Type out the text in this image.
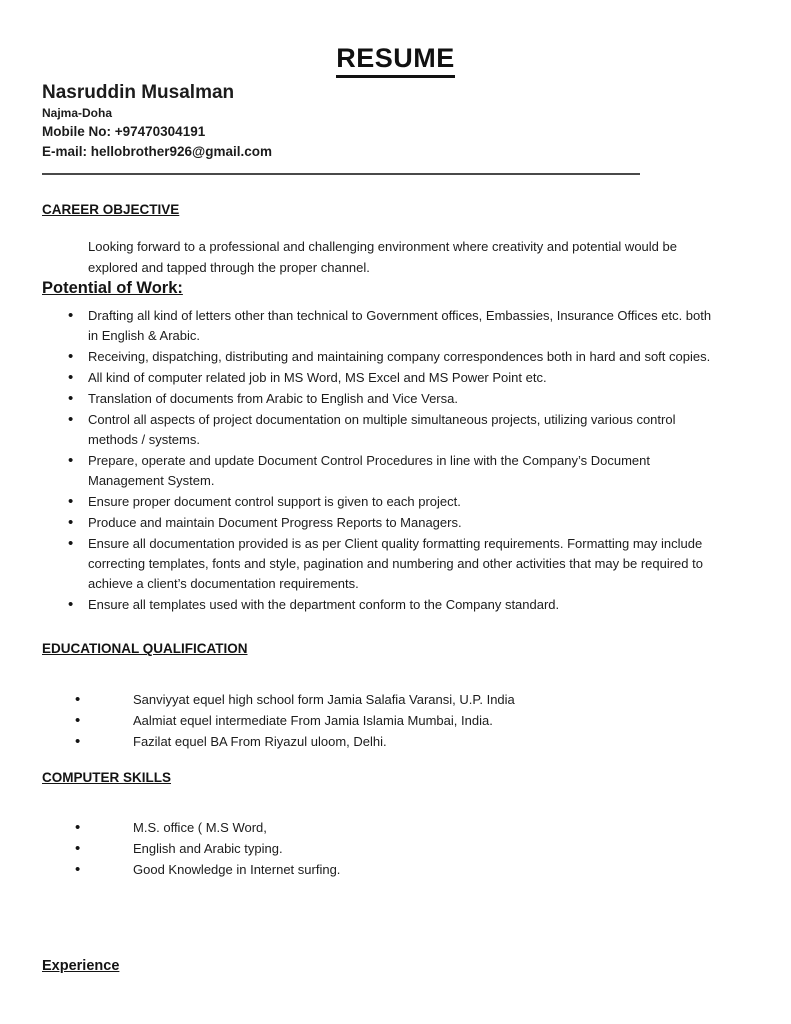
RESUME
Nasruddin Musalman
Najma-Doha
Mobile No: +97470304191
E-mail: hellobrother926@gmail.com
CAREER OBJECTIVE

Looking forward to a professional and challenging environment where creativity and potential would be explored and tapped through the proper channel.

Potential of Work:
• Drafting all kind of letters other than technical to Government offices, Embassies, Insurance Offices etc. both in English & Arabic.
• Receiving, dispatching, distributing and maintaining company correspondences both in hard and soft copies.
• All kind of computer related job in MS Word, MS Excel and MS Power Point etc.
• Translation of documents from Arabic to English and Vice Versa.
• Control all aspects of project documentation on multiple simultaneous projects, utilizing various control methods / systems.
• Prepare, operate and update Document Control Procedures in line with the Company’s Document Management System.
• Ensure proper document control support is given to each project.
• Produce and maintain Document Progress Reports to Managers.
• Ensure all documentation provided is as per Client quality formatting requirements. Formatting may include correcting templates, fonts and style, pagination and numbering and other activities that may be required to achieve a client’s documentation requirements.
• Ensure all templates used with the department conform to the Company standard.
EDUCATIONAL QUALIFICATION
• Sanviyyat equel high school form Jamia Salafia Varansi, U.P. India
• Aalmiat equel intermediate From Jamia Islamia Mumbai, India.
• Fazilat equel BA From Riyazul uloom, Delhi.
COMPUTER SKILLS
• M.S. office ( M.S Word,
• English and Arabic typing.
• Good Knowledge in Internet surfing.
Experience
